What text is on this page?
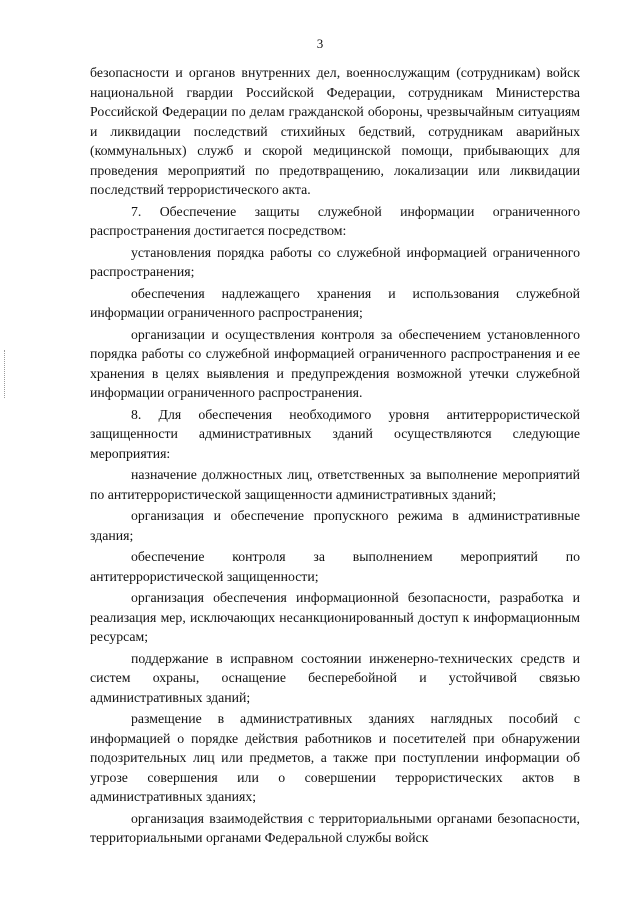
3

безопасности и органов внутренних дел, военнослужащим (сотрудникам) войск национальной гвардии Российской Федерации, сотрудникам Министерства Российской Федерации по делам гражданской обороны, чрезвычайным ситуациям и ликвидации последствий стихийных бедствий, сотрудникам аварийных (коммунальных) служб и скорой медицинской помощи, прибывающих для проведения мероприятий по предотвращению, локализации или ликвидации последствий террористического акта.

7. Обеспечение защиты служебной информации ограниченного распространения достигается посредством:

установления порядка работы со служебной информацией ограниченного распространения;

обеспечения надлежащего хранения и использования служебной информации ограниченного распространения;

организации и осуществления контроля за обеспечением установленного порядка работы со служебной информацией ограниченного распространения и ее хранения в целях выявления и предупреждения возможной утечки служебной информации ограниченного распространения.

8. Для обеспечения необходимого уровня антитеррористической защищенности административных зданий осуществляются следующие мероприятия:

назначение должностных лиц, ответственных за выполнение мероприятий по антитеррористической защищенности административных зданий;

организация и обеспечение пропускного режима в административные здания;

обеспечение контроля за выполнением мероприятий по антитеррористической защищенности;

организация обеспечения информационной безопасности, разработка и реализация мер, исключающих несанкционированный доступ к информационным ресурсам;

поддержание в исправном состоянии инженерно-технических средств и систем охраны, оснащение бесперебойной и устойчивой связью административных зданий;

размещение в административных зданиях наглядных пособий с информацией о порядке действия работников и посетителей при обнаружении подозрительных лиц или предметов, а также при поступлении информации об угрозе совершения или о совершении террористических актов в административных зданиях;

организация взаимодействия с территориальными органами безопасности, территориальными органами Федеральной службы войск
